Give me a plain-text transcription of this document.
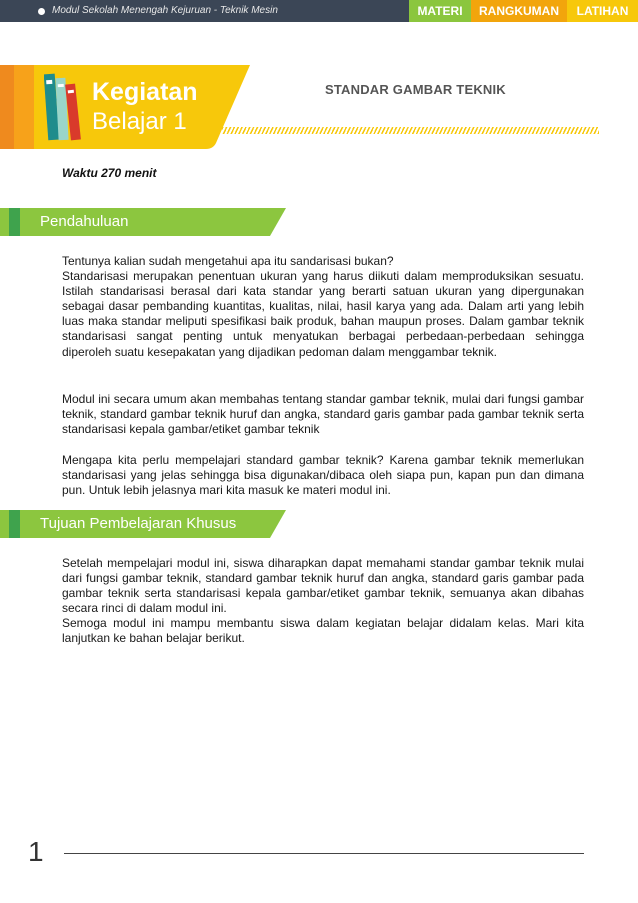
Modul Sekolah Menengah Kejuruan - Teknik Mesin	MATERI	RANGKUMAN	LATIHAN
Kegiatan
Belajar 1
STANDAR GAMBAR TEKNIK
Waktu 270 menit
Pendahuluan

Tentunya kalian sudah mengetahui apa itu sandarisasi bukan?
Standarisasi merupakan penentuan ukuran yang harus diikuti dalam memproduksikan sesuatu. Istilah standarisasi berasal dari kata standar yang berarti satuan ukuran yang dipergunakan sebagai dasar pembanding kuantitas, kualitas, nilai, hasil karya yang ada. Dalam arti yang lebih luas maka standar meliputi spesifikasi baik produk, bahan maupun proses. Dalam gambar teknik standarisasi sangat penting untuk menyatukan berbagai perbedaan-perbedaan sehingga diperoleh suatu kesepakatan yang dijadikan pedoman dalam menggambar teknik.

Modul ini secara umum akan membahas tentang standar gambar teknik, mulai dari fungsi gambar teknik, standard gambar teknik huruf dan angka, standard garis gambar pada gambar teknik serta standarisasi kepala gambar/etiket gambar teknik

Mengapa kita perlu mempelajari standard gambar teknik? Karena gambar teknik memerlukan standarisasi yang jelas sehingga bisa digunakan/dibaca oleh siapa pun, kapan pun dan dimana pun. Untuk lebih jelasnya mari kita masuk ke materi modul ini.

Tujuan Pembelajaran Khusus

Setelah mempelajari modul ini, siswa diharapkan dapat memahami standar gambar teknik mulai dari fungsi gambar teknik, standard gambar teknik huruf dan angka, standard garis gambar pada gambar teknik serta standarisasi kepala gambar/etiket gambar teknik, semuanya akan dibahas secara rinci di dalam modul ini.
Semoga modul ini mampu membantu siswa dalam kegiatan belajar didalam kelas. Mari kita lanjutkan ke bahan belajar berikut.

1
